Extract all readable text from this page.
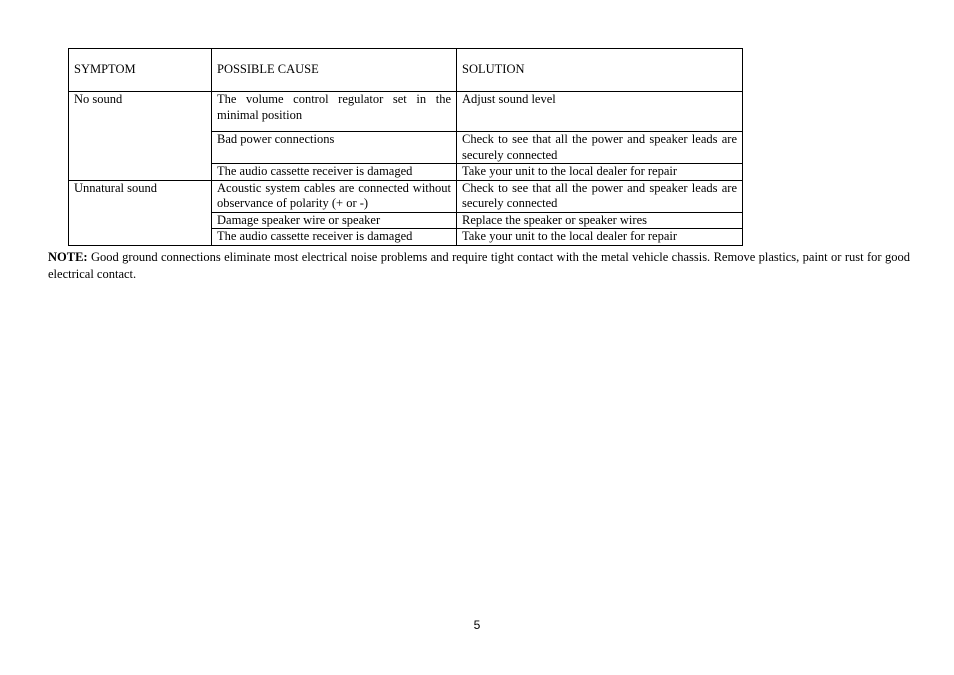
SYMPTOM	POSSIBLE CAUSE	SOLUTION
No sound	The volume control regulator set in the minimal position	Adjust sound level
	Bad power connections	Check to see that all the power and speaker leads are securely connected
	The audio cassette receiver is damaged	Take your unit to the local dealer for repair
Unnatural sound	Acoustic system cables are connected without observance of polarity (+ or -)	Check to see that all the power and speaker leads are securely connected
	Damage speaker wire or speaker	Replace the speaker or speaker wires
	The audio cassette receiver is damaged	Take your unit to the local dealer for repair
NOTE: Good ground connections eliminate most electrical noise problems and require tight contact with the metal vehicle chassis. Remove plastics, paint or rust for good electrical contact.
5
